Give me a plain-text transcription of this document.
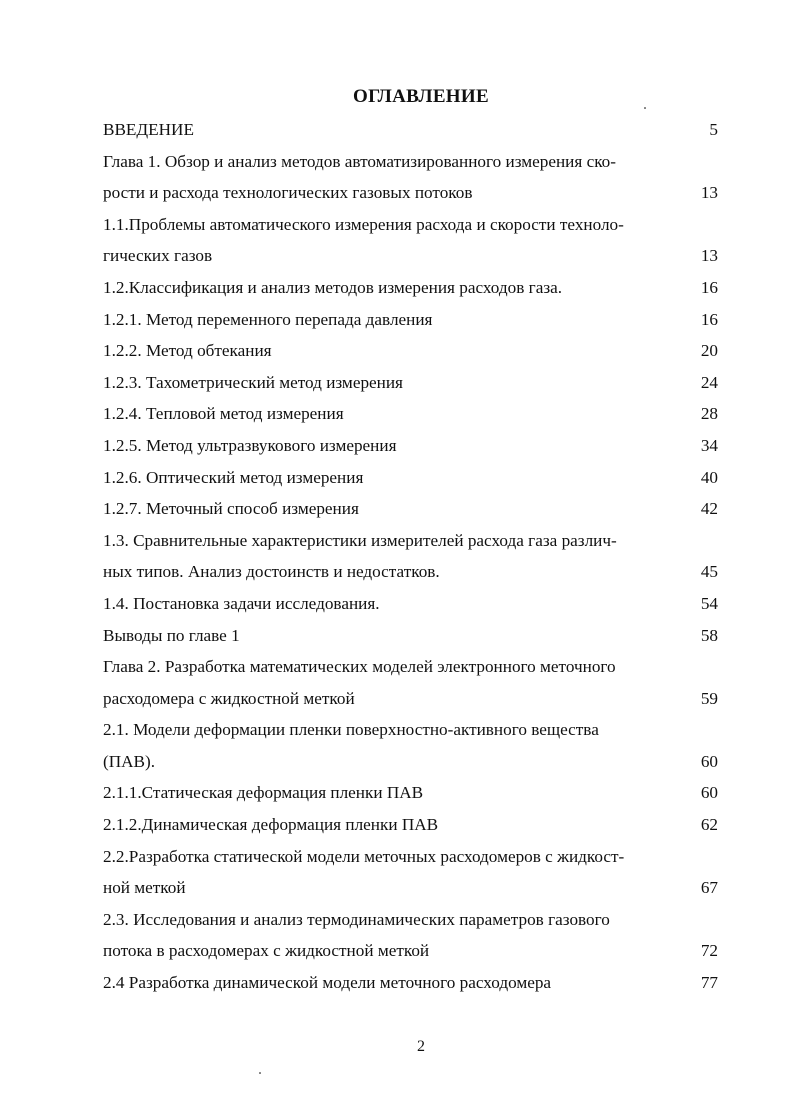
ОГЛАВЛЕНИЕ
ВВЕДЕНИЕ	5
Глава 1. Обзор и анализ методов автоматизированного измерения ско-
рости и расхода технологических газовых потоков	13
1.1.Проблемы автоматического измерения расхода и скорости техноло-
гических газов	13
1.2.Классификация и анализ методов измерения расходов газа.	16
1.2.1. Метод переменного перепада давления	16
1.2.2. Метод обтекания	20
1.2.3. Тахометрический метод измерения	24
1.2.4. Тепловой метод измерения	28
1.2.5. Метод ультразвукового измерения	34
1.2.6. Оптический метод измерения	40
1.2.7. Меточный способ измерения	42
1.3. Сравнительные характеристики измерителей расхода газа различ-
ных типов. Анализ достоинств и недостатков.	45
1.4. Постановка задачи исследования.	54
Выводы по главе 1	58
Глава 2. Разработка математических моделей электронного меточного
расходомера с жидкостной меткой	59
2.1. Модели деформации пленки поверхностно-активного вещества
(ПАВ).	60
2.1.1.Статическая деформация пленки ПАВ	60
2.1.2.Динамическая деформация пленки ПАВ	62
2.2.Разработка статической модели меточных расходомеров с жидкост-
ной меткой	67
2.3. Исследования и анализ термодинамических параметров газового
потока в расходомерах с жидкостной меткой	72
2.4 Разработка динамической модели меточного расходомера	77
2
